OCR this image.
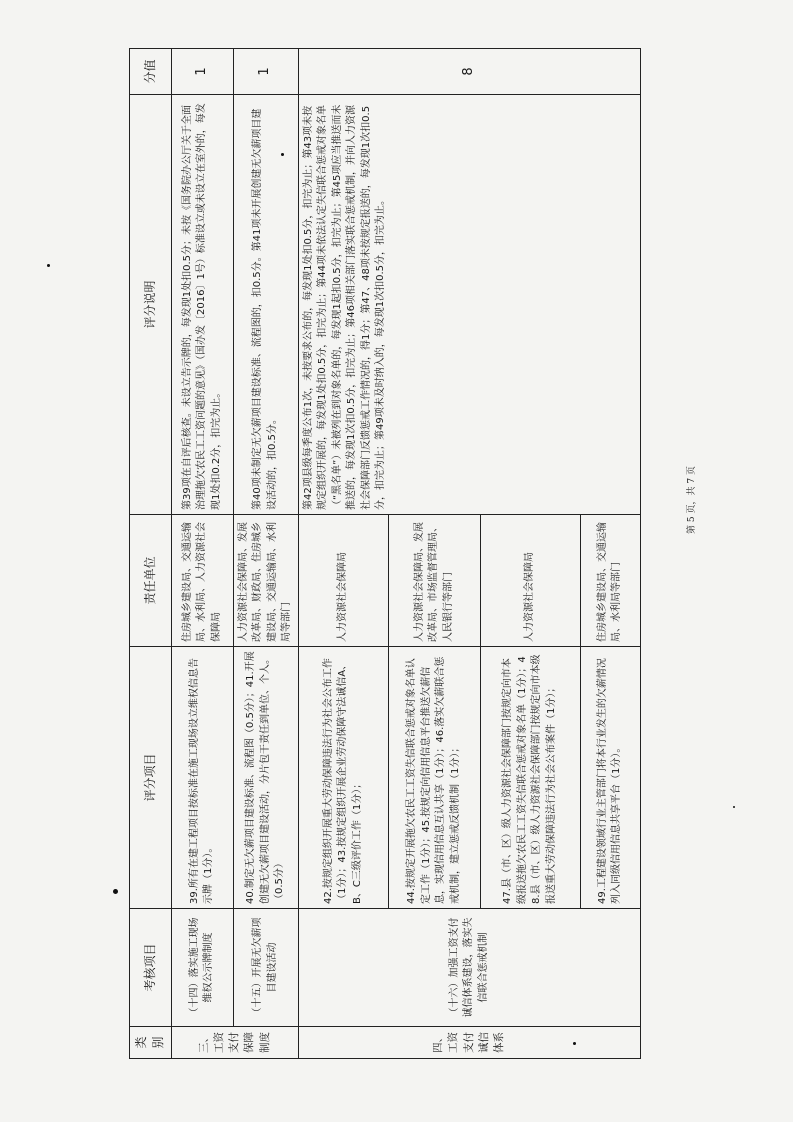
类别	考核项目	评分项目	责任单位	评分说明	分值
三、工资支付保障制度	（十四）落实施工现场维权公示牌制度	39.所有在建工程项目按标准在施工现场设立维权信息告示牌（1分）。	住房城乡建设局、交通运输局、水利局、人力资源社会保障局	第39项在自评后核查。未设立告示牌的，每发现1处扣0.5分；未按《国务院办公厅关于全面治理拖欠农民工工资问题的意见》（国办发〔2016〕1号）标准设立或未设立在室外的，每发现1处扣0.2分，扣完为止。	1
	（十五）开展无欠薪项目建设活动	40.制定无欠薪项目建设标准、流程图（0.5分）；41.开展创建无欠薪项目建设活动，分片包干责任到单位、个人。（0.5分）	人力资源社会保障局、发展改革局、财政局、住房城乡建设局、交通运输局、水利局等部门	第40项未制定无欠薪项目建设标准、流程图的，扣0.5分。第41项未开展创建无欠薪项目建设活动的，扣0.5分。	1
四、工资支付诚信体系	（十六）加强工资支付诚信体系建设，落实失信联合惩戒机制	42.按规定组织开展重大劳动保障违法行为社会公布工作（1分）；43.按规定组织开展企业劳动保障守法诚信A、B、C三级评价工作（1分）；	人力资源社会保障局	第42项县级每季度公布1次，未按要求公布的，每发现1处扣0.5分，扣完为止；第43项未按规定组织开展的，每发现1处扣0.5分，扣完为止；第44项未依法认定失信联合惩戒对象名单（“黑名单”）未被列在到对象名单的，每发现1起扣0.5分，扣完为止；第45项应当推送而未推送的，每发现1次扣0.5分，扣完为止；第46项相关部门落实联合惩戒机制，并向人力资源社会保障部门反馈惩戒工作情况的，得1分；第47、48项未按规定报送的，每发现1次扣0.5分，扣完为止；第49项未及时纳入的，每发现1次扣0.5分，扣完为止。	8
		44.按规定开展拖欠农民工工资失信联合惩戒对象名单认定工作（1分）；45.按规定向信用信息平台推送欠薪信息，实现信用信息互认共享（1分）；46.落实欠薪联合惩戒机制，建立惩戒反馈机制（1分）；	人力资源社会保障局、发展改革局、市场监督管理局、人民银行等部门		
		47.县（市、区）级人力资源社会保障部门按规定向市本级报送拖欠农民工工资失信联合惩戒对象名单（1分）；48.县（市、区）级人力资源社会保障部门按规定向市本级报送重大劳动保障违法行为社会公布案件（1分）；	人力资源社会保障局		
		49.工程建设领域行业主管部门将本行业发生的欠薪情况列入同级信用信息共享平台（1分）。	住房城乡建设局、交通运输局、水利局等部门		
第 5 页，共 7 页
